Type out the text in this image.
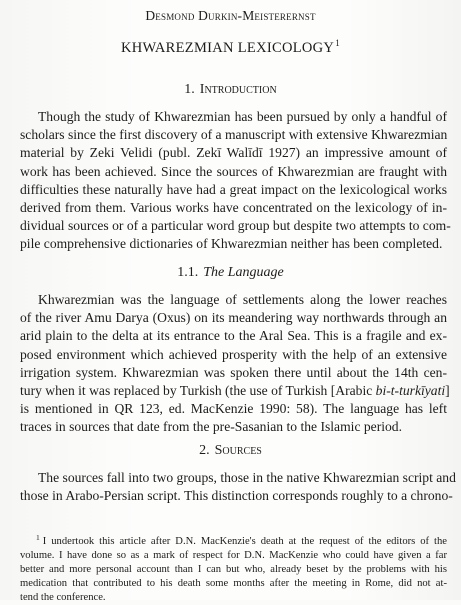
Desmond Durkin-Meisterernst
KHWAREZMIAN LEXICOLOGY$^1$
1. Introduction
Though the study of Khwarezmian has been pursued by only a handful of
scholars since the first discovery of a manuscript with extensive Khwarezmian
material by Zeki Velidi (publ. Zekī Walīdī 1927) an impressive amount of
work has been achieved. Since the sources of Khwarezmian are fraught with
difficulties these naturally have had a great impact on the lexicological works
derived from them. Various works have concentrated on the lexicology of in-
dividual sources or of a particular word group but despite two attempts to com-
pile comprehensive dictionaries of Khwarezmian neither has been completed.
1.1. The Language
Khwarezmian was the language of settlements along the lower reaches
of the river Amu Darya (Oxus) on its meandering way northwards through an
arid plain to the delta at its entrance to the Aral Sea. This is a fragile and ex-
posed environment which achieved prosperity with the help of an extensive
irrigation system. Khwarezmian was spoken there until about the 14th cen-
tury when it was replaced by Turkish (the use of Turkish [Arabic bi-t-turkīyati]
is mentioned in QR 123, ed. MacKenzie 1990: 58). The language has left
traces in sources that date from the pre-Sasanian to the Islamic period.
2. Sources
The sources fall into two groups, those in the native Khwarezmian script and
those in Arabo-Persian script. This distinction corresponds roughly to a chrono-
$^1$ I undertook this article after D.N. MacKenzie's death at the request of the editors of the
volume. I have done so as a mark of respect for D.N. MacKenzie who could have given a far
better and more personal account than I can but who, already beset by the problems with his
medication that contributed to his death some months after the meeting in Rome, did not at-
tend the conference.
